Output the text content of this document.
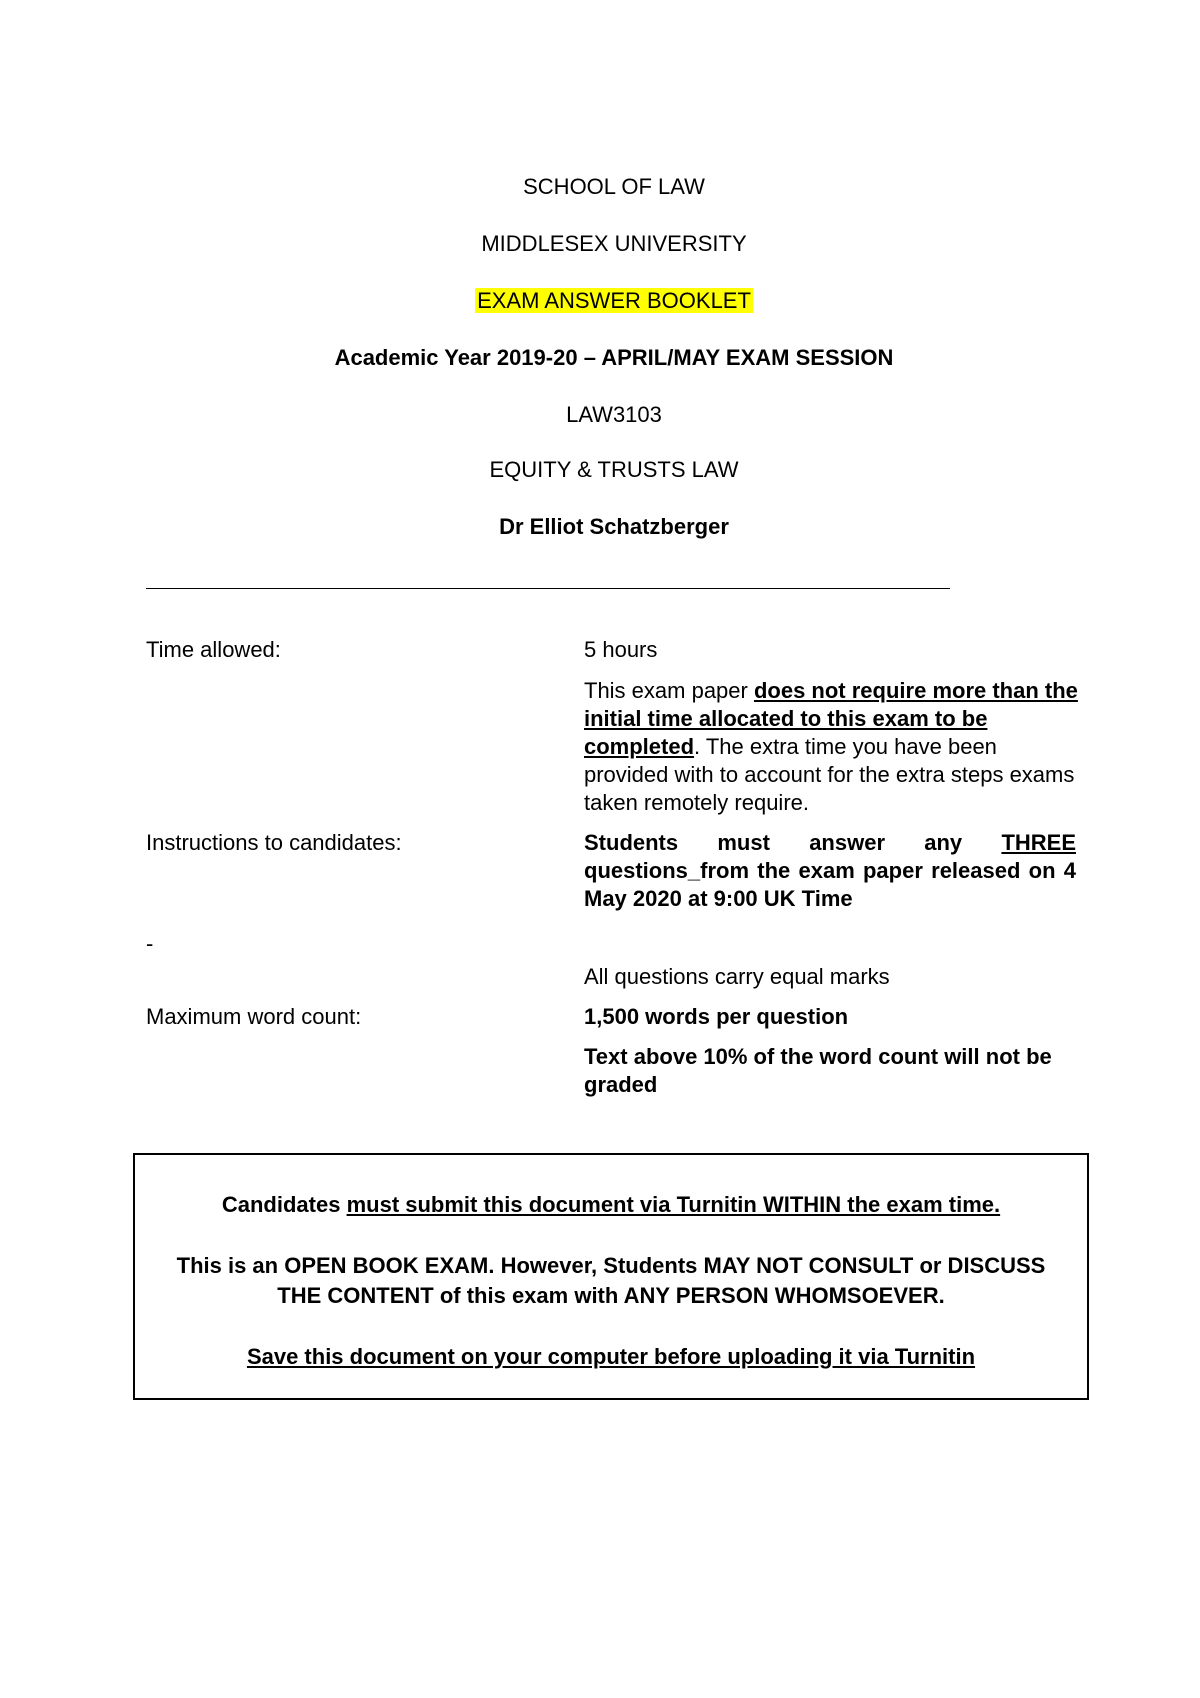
SCHOOL OF LAW
MIDDLESEX UNIVERSITY
EXAM ANSWER BOOKLET
Academic Year 2019-20 – APRIL/MAY EXAM SESSION
LAW3103
EQUITY & TRUSTS LAW
Dr Elliot Schatzberger
Time allowed:	5 hours
This exam paper does not require more than the initial time allocated to this exam to be completed. The extra time you have been provided with to account for the extra steps exams taken remotely require.
Instructions to candidates:	Students must answer any THREE questions_from the exam paper released on 4 May 2020 at 9:00 UK Time
-
All questions carry equal marks
Maximum word count:	1,500 words per question
Text above 10% of the word count will not be graded
Candidates must submit this document via Turnitin WITHIN the exam time.
This is an OPEN BOOK EXAM. However, Students MAY NOT CONSULT or DISCUSS THE CONTENT of this exam with ANY PERSON WHOMSOEVER.
Save this document on your computer before uploading it via Turnitin
